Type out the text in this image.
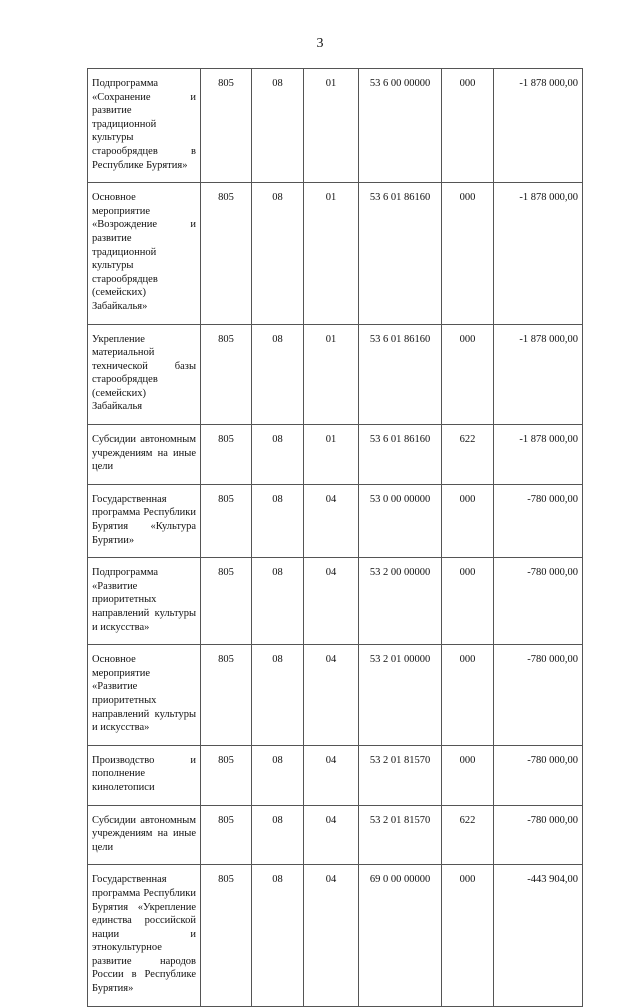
3
Подпрограмма «Сохранение и развитие традиционной культуры старообрядцев в Республике Бурятия»	805	08	01	53 6 00 00000	000	-1 878 000,00
Основное мероприятие «Возрождение и развитие традиционной культуры старообрядцев (семейских) Забайкалья»	805	08	01	53 6 01 86160	000	-1 878 000,00
Укрепление материальной технической базы старообрядцев (семейских) Забайкалья	805	08	01	53 6 01 86160	000	-1 878 000,00
Субсидии автономным учреждениям на иные цели	805	08	01	53 6 01 86160	622	-1 878 000,00
Государственная программа Республики Бурятия «Культура Бурятии»	805	08	04	53 0 00 00000	000	-780 000,00
Подпрограмма «Развитие приоритетных направлений культуры и искусства»	805	08	04	53 2 00 00000	000	-780 000,00
Основное мероприятие «Развитие приоритетных направлений культуры и искусства»	805	08	04	53 2 01 00000	000	-780 000,00
Производство и пополнение кинолетописи	805	08	04	53 2 01 81570	000	-780 000,00
Субсидии автономным учреждениям на иные цели	805	08	04	53 2 01 81570	622	-780 000,00
Государственная программа Республики Бурятия «Укрепление единства российской нации и этнокультурное развитие народов России в Республике Бурятия»	805	08	04	69 0 00 00000	000	-443 904,00
